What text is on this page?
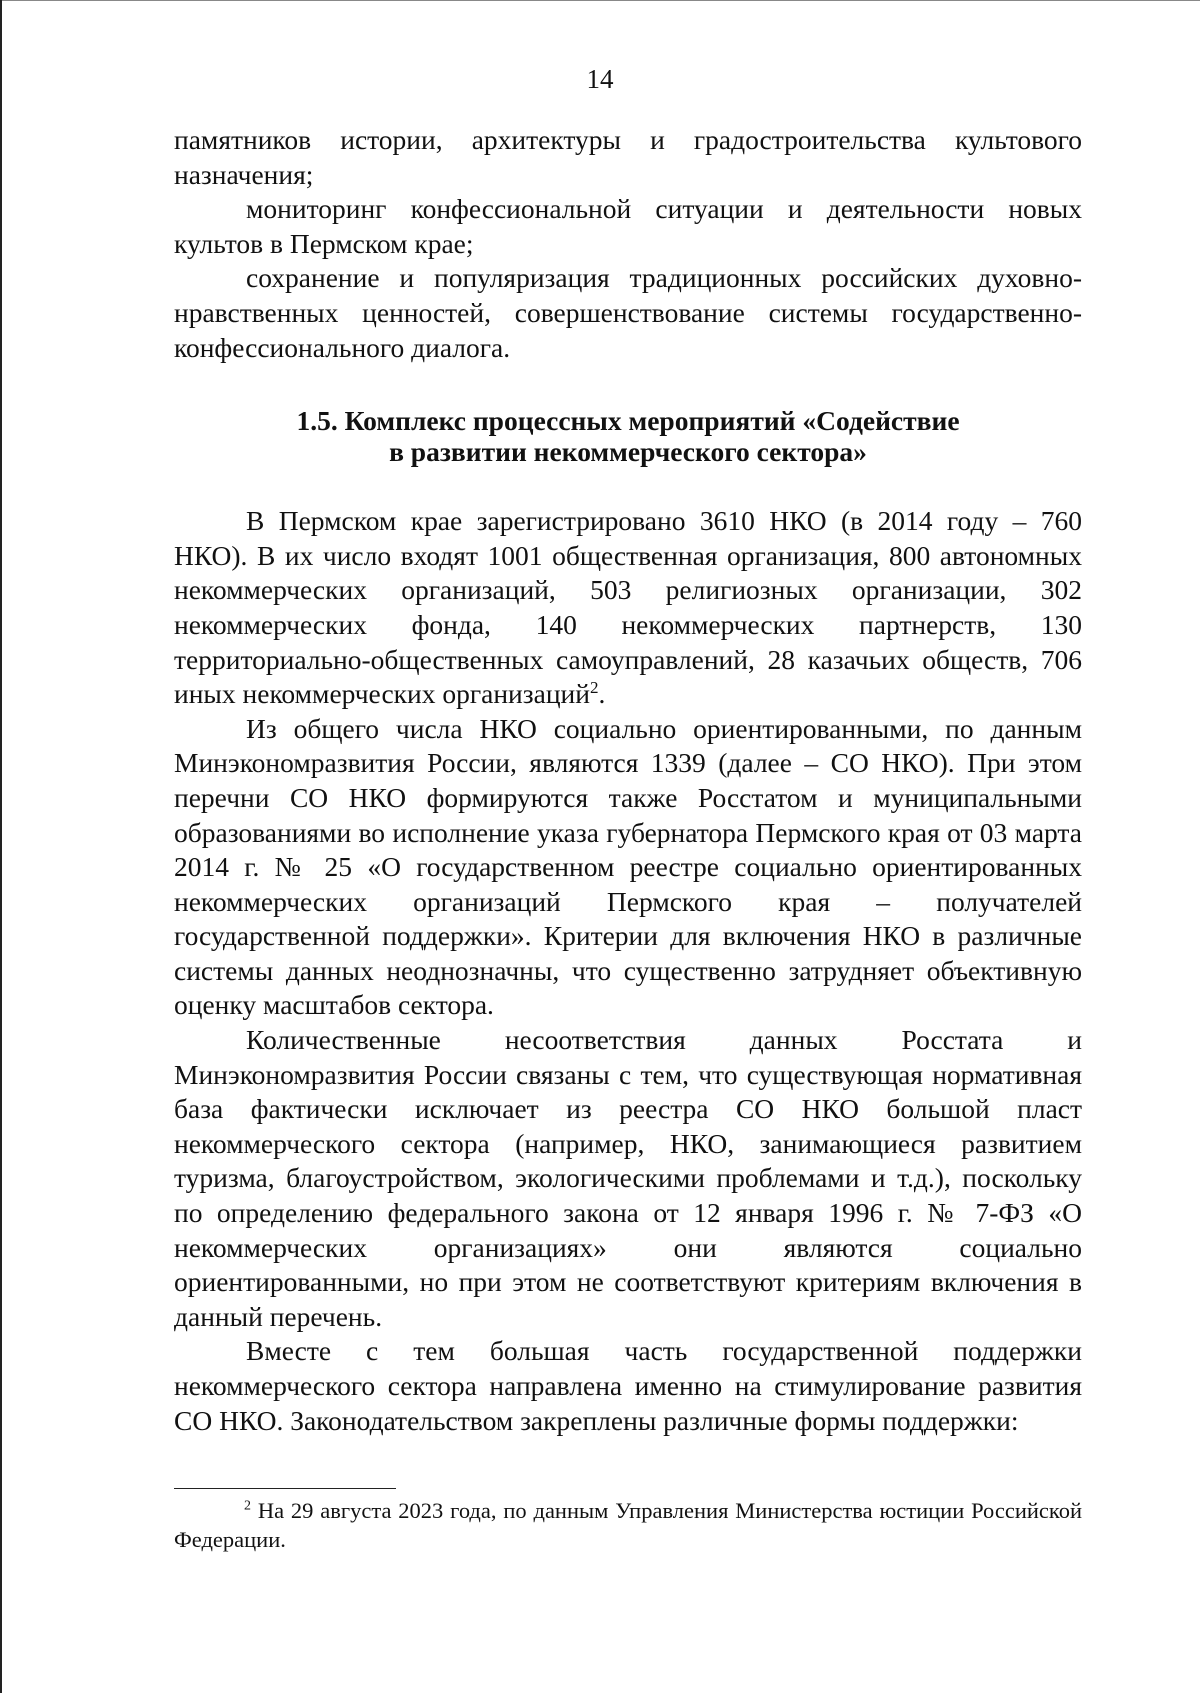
14

памятников истории, архитектуры и градостроительства культового назначения;

мониторинг конфессиональной ситуации и деятельности новых культов в Пермском крае;

сохранение и популяризация традиционных российских духовно-нравственных ценностей, совершенствование системы государственно-конфессионального диалога.

1.5. Комплекс процессных мероприятий «Содействие
в развитии некоммерческого сектора»

В Пермском крае зарегистрировано 3610 НКО (в 2014 году – 760 НКО). В их число входят 1001 общественная организация, 800 автономных некоммерческих организаций, 503 религиозных организации, 302 некоммерческих фонда, 140 некоммерческих партнерств, 130 территориально-общественных самоуправлений, 28 казачьих обществ, 706 иных некоммерческих организаций$^2$.

Из общего числа НКО социально ориентированными, по данным Минэкономразвития России, являются 1339 (далее – СО НКО). При этом перечни СО НКО формируются также Росстатом и муниципальными образованиями во исполнение указа губернатора Пермского края от 03 марта 2014 г. № 25 «О государственном реестре социально ориентированных некоммерческих организаций Пермского края – получателей государственной поддержки». Критерии для включения НКО в различные системы данных неоднозначны, что существенно затрудняет объективную оценку масштабов сектора.

Количественные несоответствия данных Росстата и Минэкономразвития России связаны с тем, что существующая нормативная база фактически исключает из реестра СО НКО большой пласт некоммерческого сектора (например, НКО, занимающиеся развитием туризма, благоустройством, экологическими проблемами и т.д.), поскольку по определению федерального закона от 12 января 1996 г. № 7-ФЗ «О некоммерческих организациях» они являются социально ориентированными, но при этом не соответствуют критериям включения в данный перечень.

Вместе с тем большая часть государственной поддержки некоммерческого сектора направлена именно на стимулирование развития СО НКО. Законодательством закреплены различные формы поддержки:

$^2$ На 29 августа 2023 года, по данным Управления Министерства юстиции Российской Федерации.
